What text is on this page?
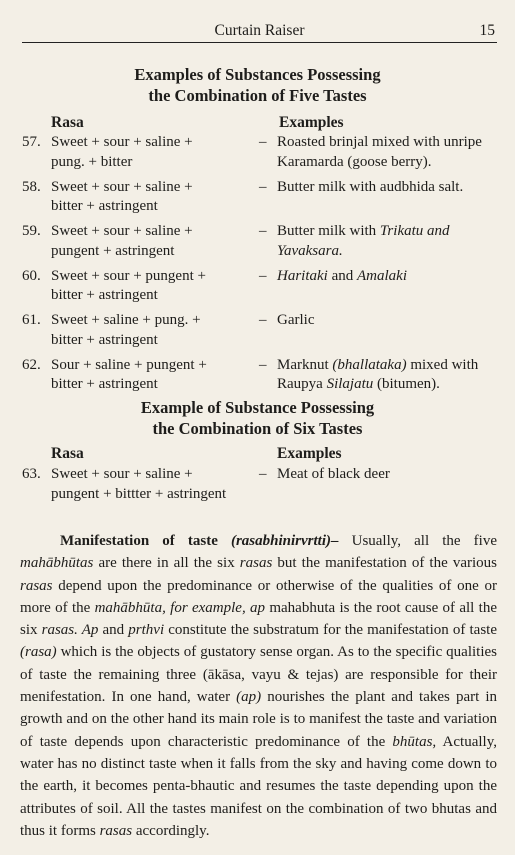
Curtain Raiser	15
Examples of Substances Possessing
the Combination of Five Tastes
Rasa	Examples
57. Sweet + sour + saline +
pung. + bitter
– Roasted brinjal mixed with unripe
Karamarda (goose berry).
58. Sweet + sour + saline +
bitter + astringent
– Butter milk with audbhida salt.
59. Sweet + sour + saline +
pungent + astringent
– Butter milk with Trikatu and
Yavaksara.
60. Sweet + sour + pungent +
bitter + astringent
– Haritaki and Amalaki
61. Sweet + saline + pung. +
bitter + astringent
– Garlic
62. Sour + saline + pungent +
bitter + astringent
– Marknut (bhallataka) mixed with
Raupya Silajatu (bitumen).
Example of Substance Possessing
the Combination of Six Tastes
Rasa	Examples
63. Sweet + sour + saline +
pungent + bittter + astringent
– Meat of black deer

Manifestation of taste (rasabhinirvrtti)– Usually, all the five mahābhūtas are there in all the six rasas but the manifestation of the various rasas depend upon the predominance or otherwise of the qualities of one or more of the mahābhūta, for example, ap mahabhuta is the root cause of all the six rasas. Ap and prthvi constitute the substratum for the manifestation of taste (rasa) which is the objects of gustatory sense organ. As to the specific qualities of taste the remaining three (ākāsa, vayu & tejas) are responsible for their menifestation. In one hand, water (ap) nourishes the plant and takes part in growth and on the other hand its main role is to manifest the taste and variation of taste depends upon characteristic predominance of the bhūtas, Actually, water has no distinct taste when it falls from the sky and having come down to the earth, it becomes penta-bhautic and resumes the taste depending upon the attributes of soil. All the tastes manifest on the combination of two bhutas and thus it forms rasas accordingly.
